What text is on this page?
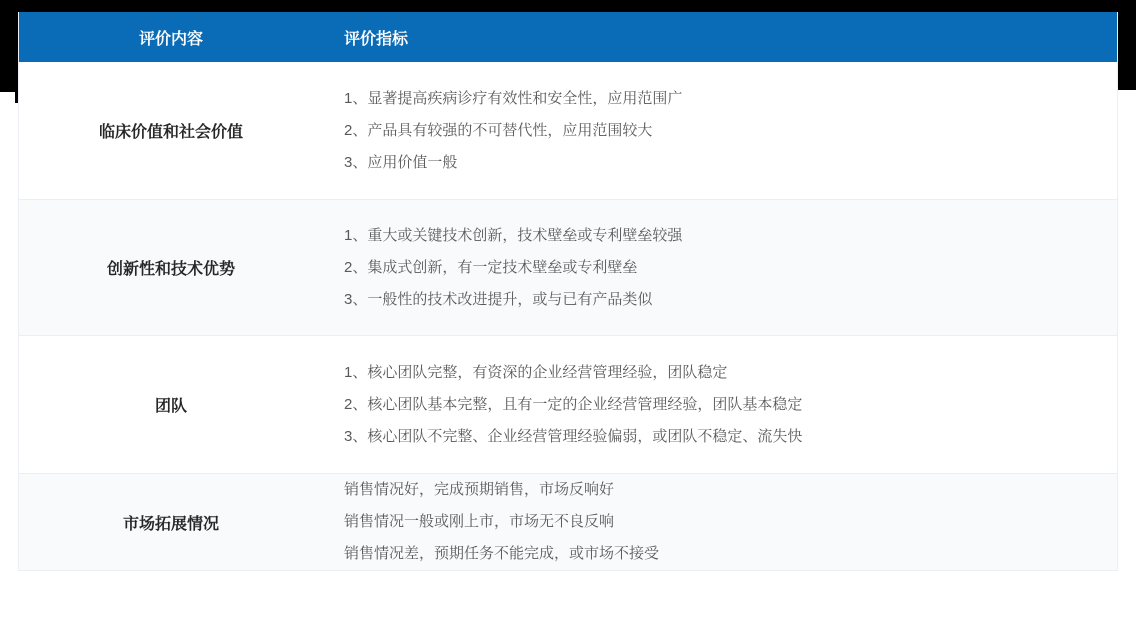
评价内容	评价指标
临床价值和社会价值
1、显著提高疾病诊疗有效性和安全性，应用范围广
2、产品具有较强的不可替代性，应用范围较大
3、应用价值一般
创新性和技术优势
1、重大或关键技术创新，技术壁垒或专利壁垒较强
2、集成式创新，有一定技术壁垒或专利壁垒
3、一般性的技术改进提升，或与已有产品类似
团队
1、核心团队完整，有资深的企业经营管理经验，团队稳定
2、核心团队基本完整，且有一定的企业经营管理经验，团队基本稳定
3、核心团队不完整、企业经营管理经验偏弱，或团队不稳定、流失快
市场拓展情况
销售情况好，完成预期销售，市场反响好
销售情况一般或刚上市，市场无不良反响
销售情况差，预期任务不能完成，或市场不接受
